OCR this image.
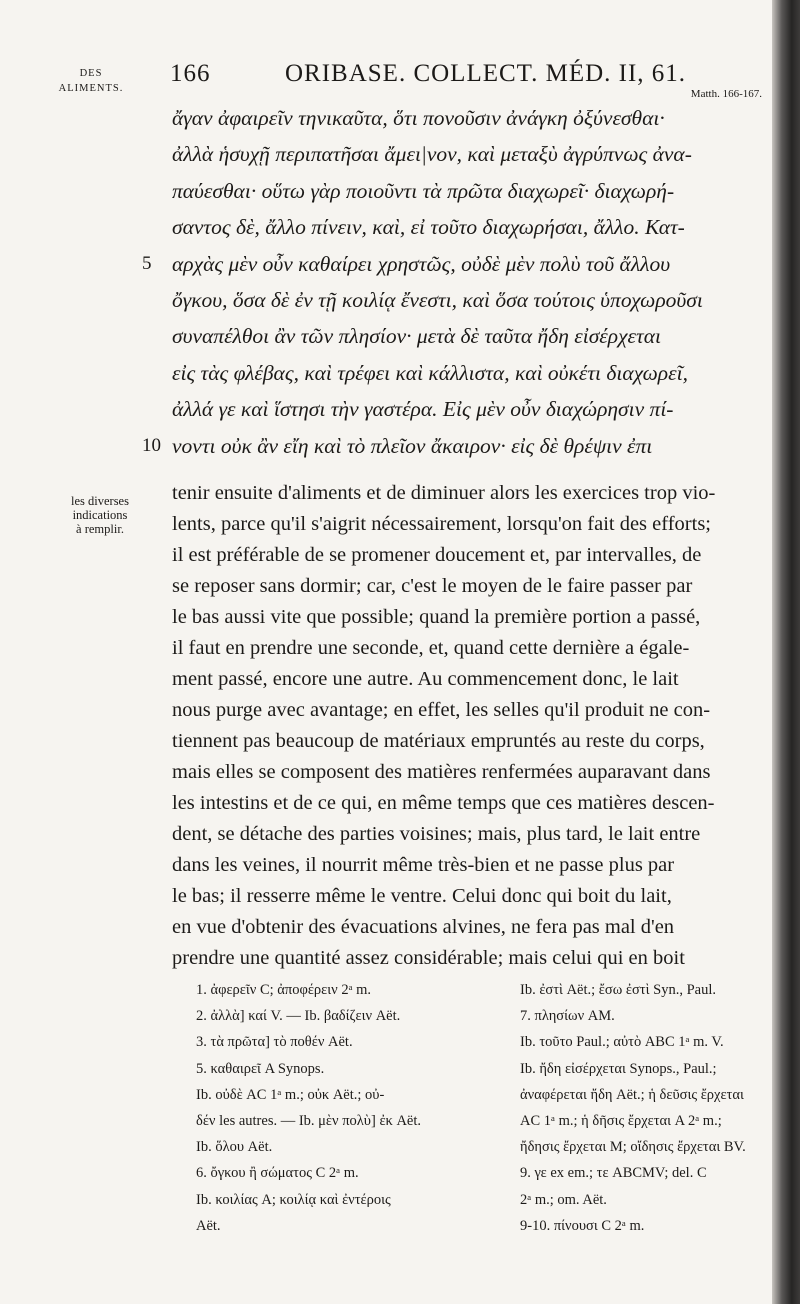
DES
ALIMENTS.
166	ORIBASE. COLLECT. MÉD. II, 61.
Matth. 166-167.
ἄγαν ἀφαιρεῖν τηνικαῦτα, ὅτι πονοῦσιν ἀνάγκη ὀξύνεσθαι·
ἀλλὰ ἡσυχῇ περιπατῆσαι ἄμει|νον, καὶ μεταξὺ ἀγρύπνως ἀνα-
παύεσθαι· οὕτω γὰρ ποιοῦντι τὰ πρῶτα διαχωρεῖ· διαχωρή-
σαντος δὲ, ἄλλο πίνειν, καὶ, εἰ τοῦτο διαχωρήσαι, ἄλλο. Κατ-
5 αρχὰς μὲν οὖν καθαίρει χρηστῶς, οὐδὲ μὲν πολὺ τοῦ ἄλλου
ὄγκου, ὅσα δὲ ἐν τῇ κοιλίᾳ ἔνεστι, καὶ ὅσα τούτοις ὑποχωροῦσι
συναπέλθοι ἂν τῶν πλησίον· μετὰ δὲ ταῦτα ἤδη εἰσέρχεται
εἰς τὰς φλέβας, καὶ τρέφει καὶ κάλλιστα, καὶ οὐκέτι διαχωρεῖ,
ἀλλά γε καὶ ἵστησι τὴν γαστέρα. Εἰς μὲν οὖν διαχώρησιν πί-
10 νοντι οὐκ ἂν εἴη καὶ τὸ πλεῖον ἄκαιρον· εἰς δὲ θρέψιν ἐπι
les diverses
indications
à remplir.
tenir ensuite d'aliments et de diminuer alors les exercices trop vio-
lents, parce qu'il s'aigrit nécessairement, lorsqu'on fait des efforts;
il est préférable de se promener doucement et, par intervalles, de
se reposer sans dormir; car, c'est le moyen de le faire passer par
le bas aussi vite que possible; quand la première portion a passé,
il faut en prendre une seconde, et, quand cette dernière a égale-
ment passé, encore une autre. Au commencement donc, le lait
nous purge avec avantage; en effet, les selles qu'il produit ne con-
tiennent pas beaucoup de matériaux empruntés au reste du corps,
mais elles se composent des matières renfermées auparavant dans
les intestins et de ce qui, en même temps que ces matières descen-
dent, se détache des parties voisines; mais, plus tard, le lait entre
dans les veines, il nourrit même très-bien et ne passe plus par
le bas; il resserre même le ventre. Celui donc qui boit du lait,
en vue d'obtenir des évacuations alvines, ne fera pas mal d'en
prendre une quantité assez considérable; mais celui qui en boit
1. ἀφερεῖν C; ἀποφέρειν 2ᵃ m.
2. ἀλλὰ] καί V. — Ib. βαδίζειν Aët.
3. τὰ πρῶτα] τὸ ποθέν Aët.
5. καθαιρεῖ A Synops.
Ib. οὐδὲ AC 1ᵃ m.; οὐκ Aët.; οὐ-
δέν les autres. — Ib. μὲν πολὺ] ἐκ Aët.
Ib. ὅλου Aët.
6. ὄγκου ἢ σώματος C 2ᵃ m.
Ib. κοιλίας A; κοιλίᾳ καὶ ἐντέροις
Aët.
Ib. ἐστὶ Aët.; ἔσω ἐστὶ Syn., Paul.
7. πλησίων AM.
Ib. τοῦτο Paul.; αὐτὸ ABC 1ᵃ m. V.
Ib. ἤδη εἰσέρχεται Synops., Paul.;
ἀναφέρεται ἤδη Aët.; ἡ δεῦσις ἔρχεται
AC 1ᵃ m.; ἡ δῆσις ἔρχεται A 2ᵃ m.;
ἤδησις ἔρχεται M; οἴδησις ἔρχεται BV.
9. γε ex em.; τε ABCMV; del. C
2ᵃ m.; om. Aët.
9-10. πίνουσι C 2ᵃ m.
